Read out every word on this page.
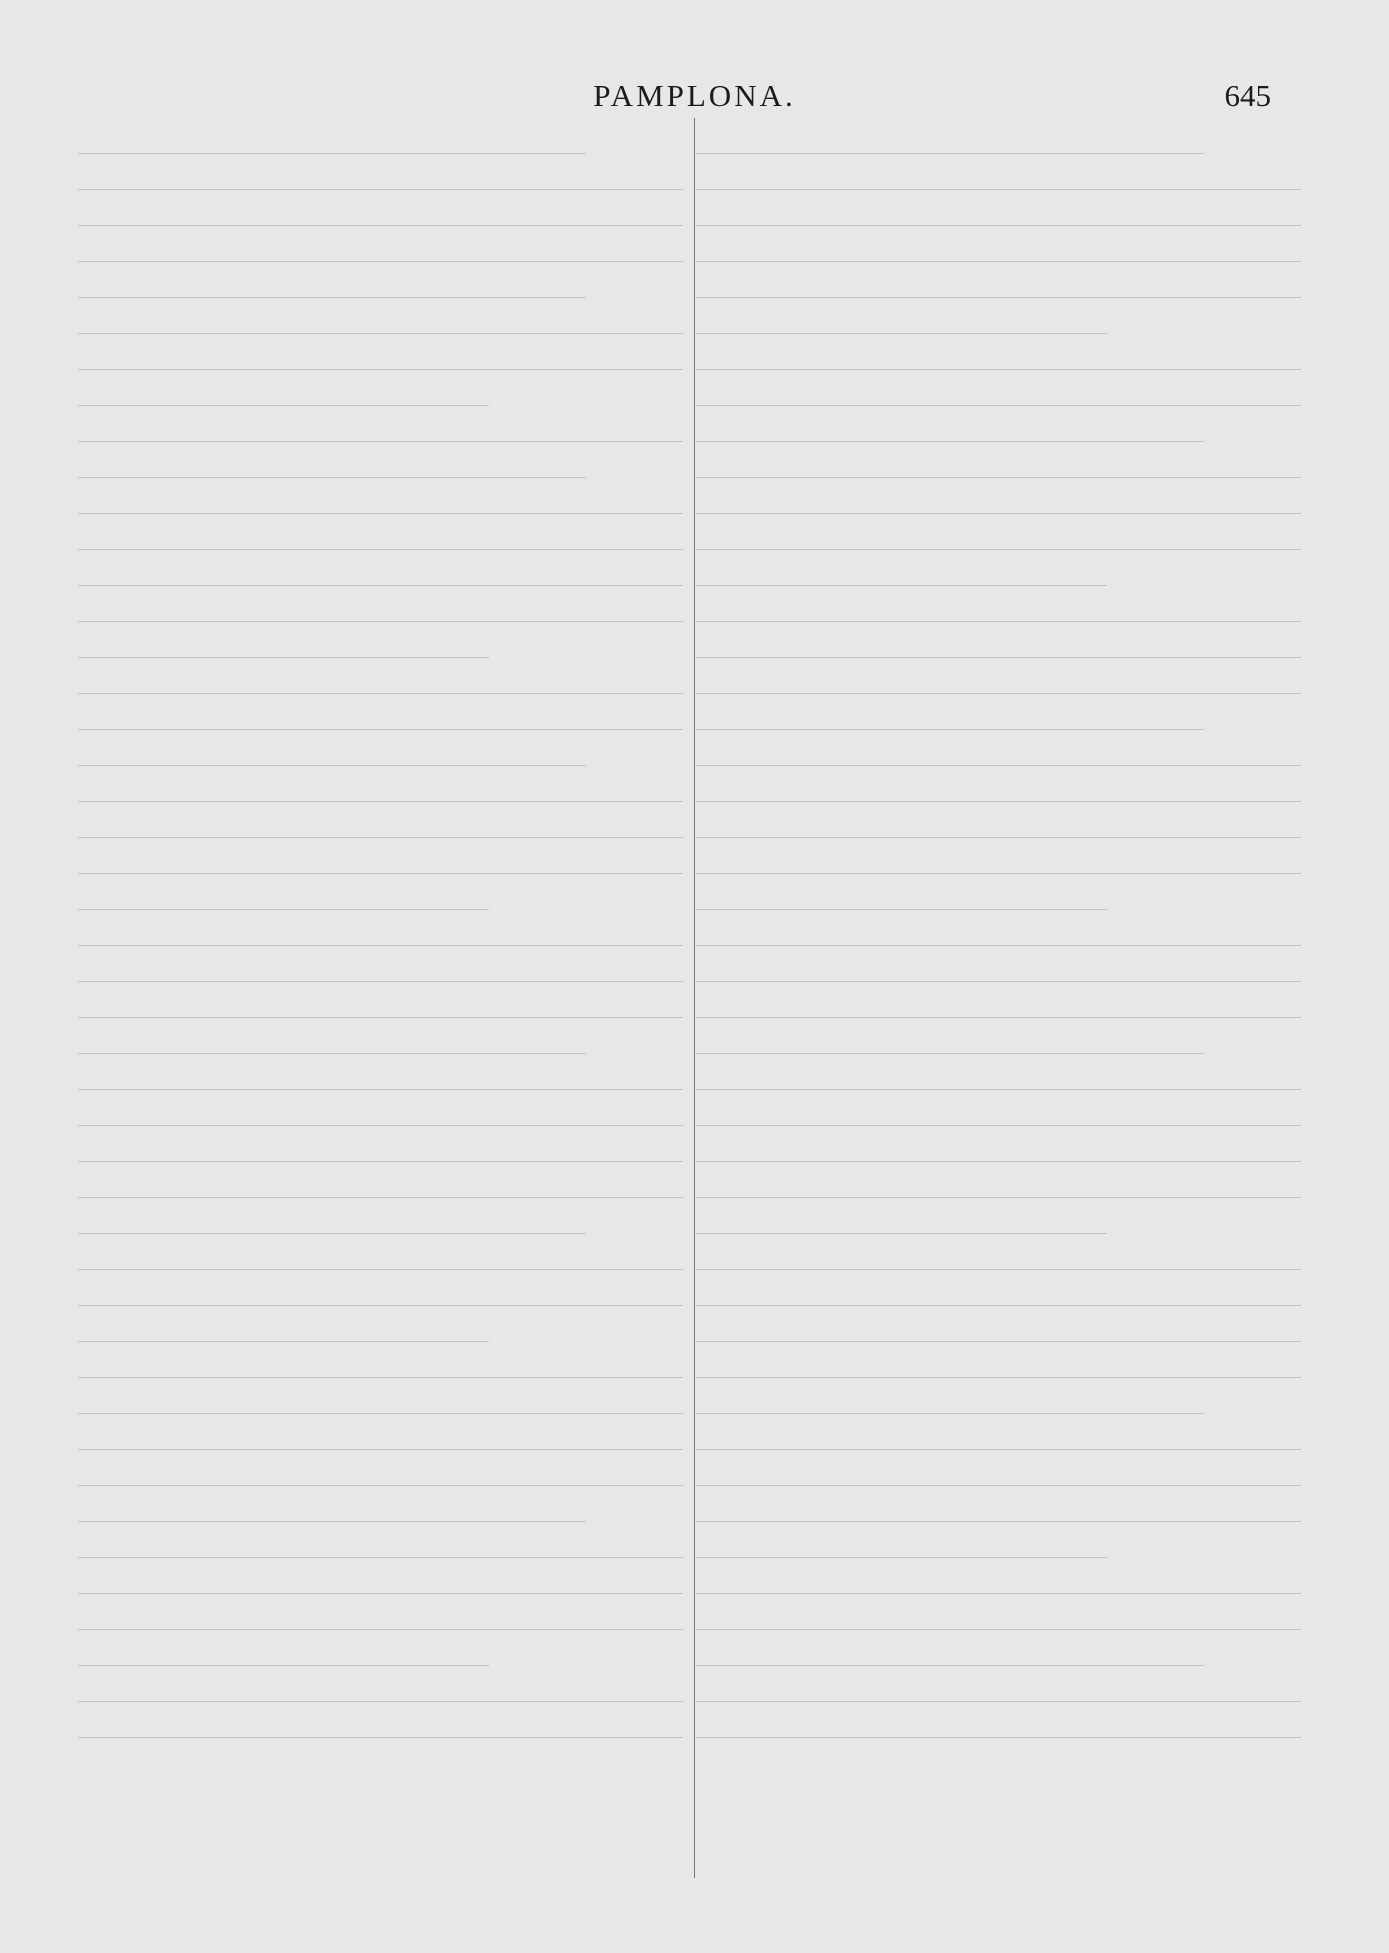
PAMPLONA.	645
